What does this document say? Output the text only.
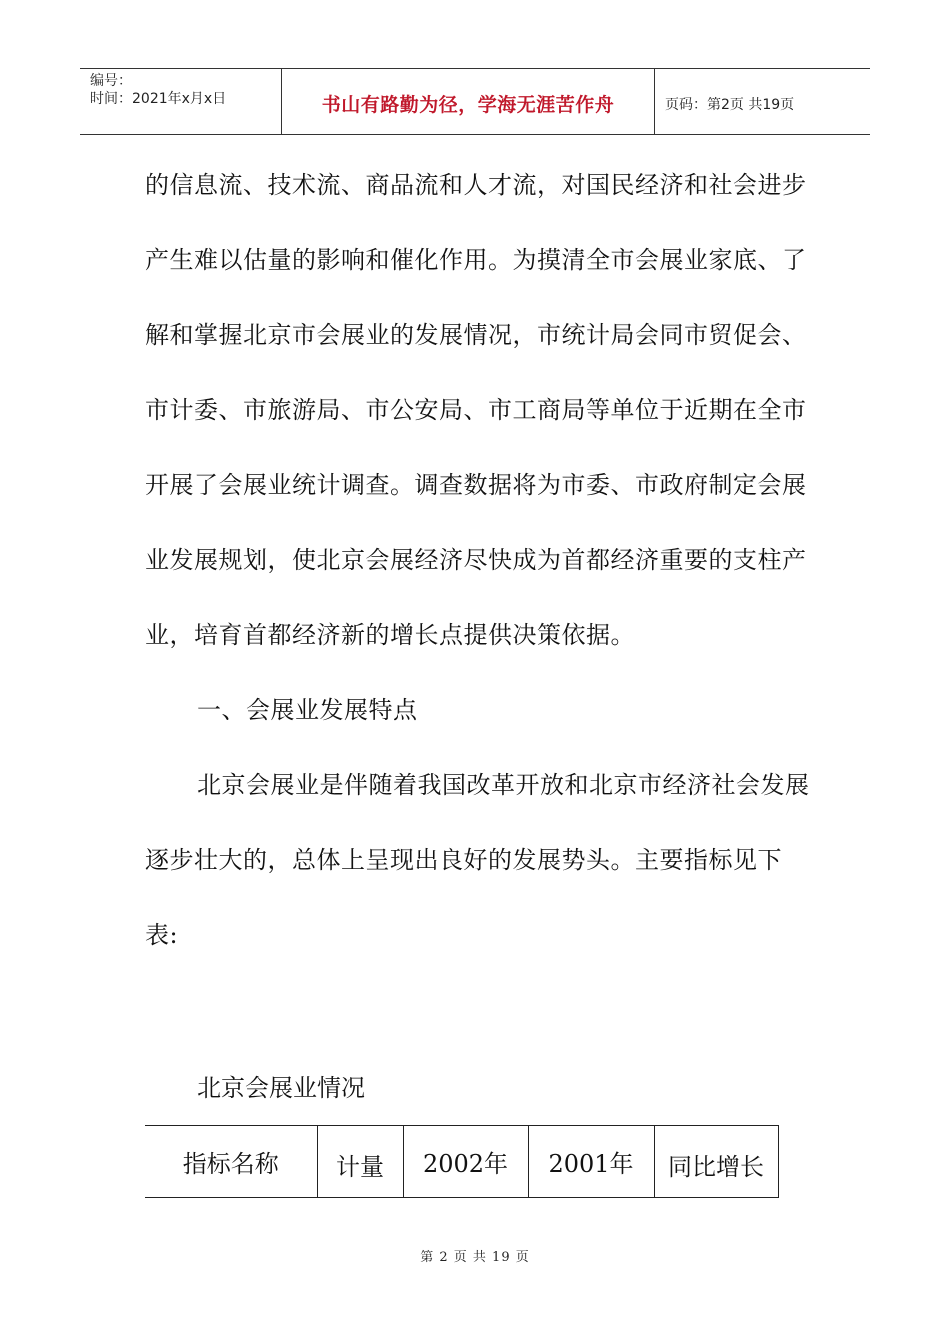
编号：
时间：2021年x月x日	书山有路勤为径，学海无涯苦作舟	页码：第2页 共19页

的信息流、技术流、商品流和人才流，对国民经济和社会进步产生难以估量的影响和催化作用。为摸清全市会展业家底、了解和掌握北京市会展业的发展情况，市统计局会同市贸促会、市计委、市旅游局、市公安局、市工商局等单位于近期在全市开展了会展业统计调查。调查数据将为市委、市政府制定会展业发展规划，使北京会展经济尽快成为首都经济重要的支柱产业，培育首都经济新的增长点提供决策依据。

一、会展业发展特点

北京会展业是伴随着我国改革开放和北京市经济社会发展逐步壮大的，总体上呈现出良好的发展势头。主要指标见下表:

北京会展业情况
指标名称	计量	2002年	2001年	同比增长
第 2 页 共 19 页
